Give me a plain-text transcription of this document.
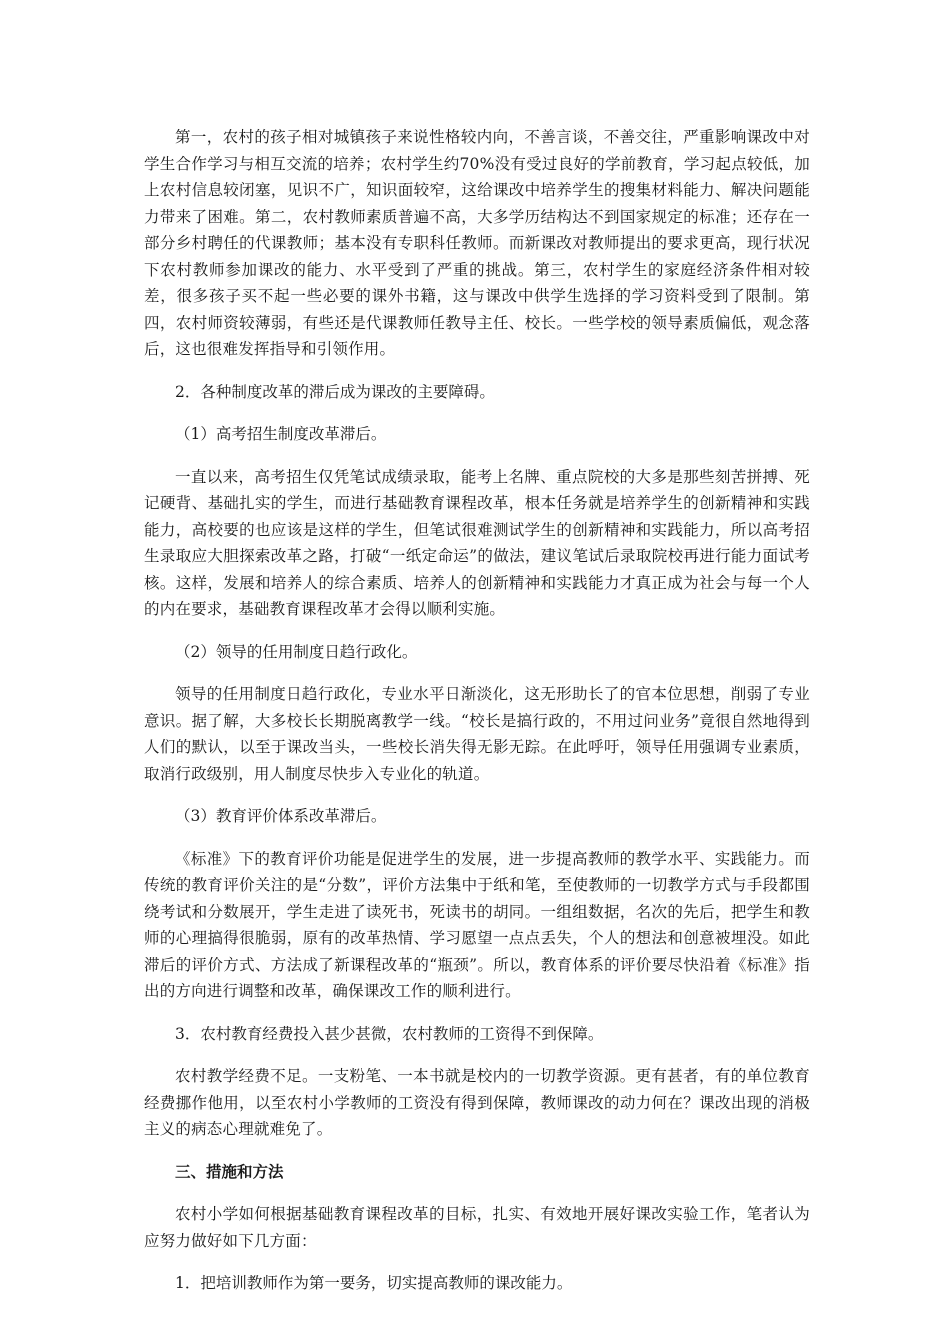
第一，农村的孩子相对城镇孩子来说性格较内向，不善言谈，不善交往，严重影响课改中对学生合作学习与相互交流的培养；农村学生约70%没有受过良好的学前教育，学习起点较低，加上农村信息较闭塞，见识不广，知识面较窄，这给课改中培养学生的搜集材料能力、解决问题能力带来了困难。第二，农村教师素质普遍不高，大多学历结构达不到国家规定的标准；还存在一部分乡村聘任的代课教师；基本没有专职科任教师。而新课改对教师提出的要求更高，现行状况下农村教师参加课改的能力、水平受到了严重的挑战。第三，农村学生的家庭经济条件相对较差，很多孩子买不起一些必要的课外书籍，这与课改中供学生选择的学习资料受到了限制。第四，农村师资较薄弱，有些还是代课教师任教导主任、校长。一些学校的领导素质偏低，观念落后，这也很难发挥指导和引领作用。

2．各种制度改革的滞后成为课改的主要障碍。

（1）高考招生制度改革滞后。

一直以来，高考招生仅凭笔试成绩录取，能考上名牌、重点院校的大多是那些刻苦拼搏、死记硬背、基础扎实的学生，而进行基础教育课程改革，根本任务就是培养学生的创新精神和实践能力，高校要的也应该是这样的学生，但笔试很难测试学生的创新精神和实践能力，所以高考招生录取应大胆探索改革之路，打破“一纸定命运”的做法，建议笔试后录取院校再进行能力面试考核。这样，发展和培养人的综合素质、培养人的创新精神和实践能力才真正成为社会与每一个人的内在要求，基础教育课程改革才会得以顺利实施。

（2）领导的任用制度日趋行政化。

领导的任用制度日趋行政化，专业水平日渐淡化，这无形助长了的官本位思想，削弱了专业意识。据了解，大多校长长期脱离教学一线。“校长是搞行政的，不用过问业务”竟很自然地得到人们的默认，以至于课改当头，一些校长消失得无影无踪。在此呼吁，领导任用强调专业素质，取消行政级别，用人制度尽快步入专业化的轨道。

（3）教育评价体系改革滞后。

《标准》下的教育评价功能是促进学生的发展，进一步提高教师的教学水平、实践能力。而传统的教育评价关注的是“分数”，评价方法集中于纸和笔，至使教师的一切教学方式与手段都围绕考试和分数展开，学生走进了读死书，死读书的胡同。一组组数据，名次的先后，把学生和教师的心理搞得很脆弱，原有的改革热情、学习愿望一点点丢失，个人的想法和创意被埋没。如此滞后的评价方式、方法成了新课程改革的“瓶颈”。所以，教育体系的评价要尽快沿着《标准》指出的方向进行调整和改革，确保课改工作的顺利进行。

3．农村教育经费投入甚少甚微，农村教师的工资得不到保障。

农村教学经费不足。一支粉笔、一本书就是校内的一切教学资源。更有甚者，有的单位教育经费挪作他用，以至农村小学教师的工资没有得到保障，教师课改的动力何在？课改出现的消极主义的病态心理就难免了。

三、措施和方法

农村小学如何根据基础教育课程改革的目标，扎实、有效地开展好课改实验工作，笔者认为应努力做好如下几方面：

1．把培训教师作为第一要务，切实提高教师的课改能力。
